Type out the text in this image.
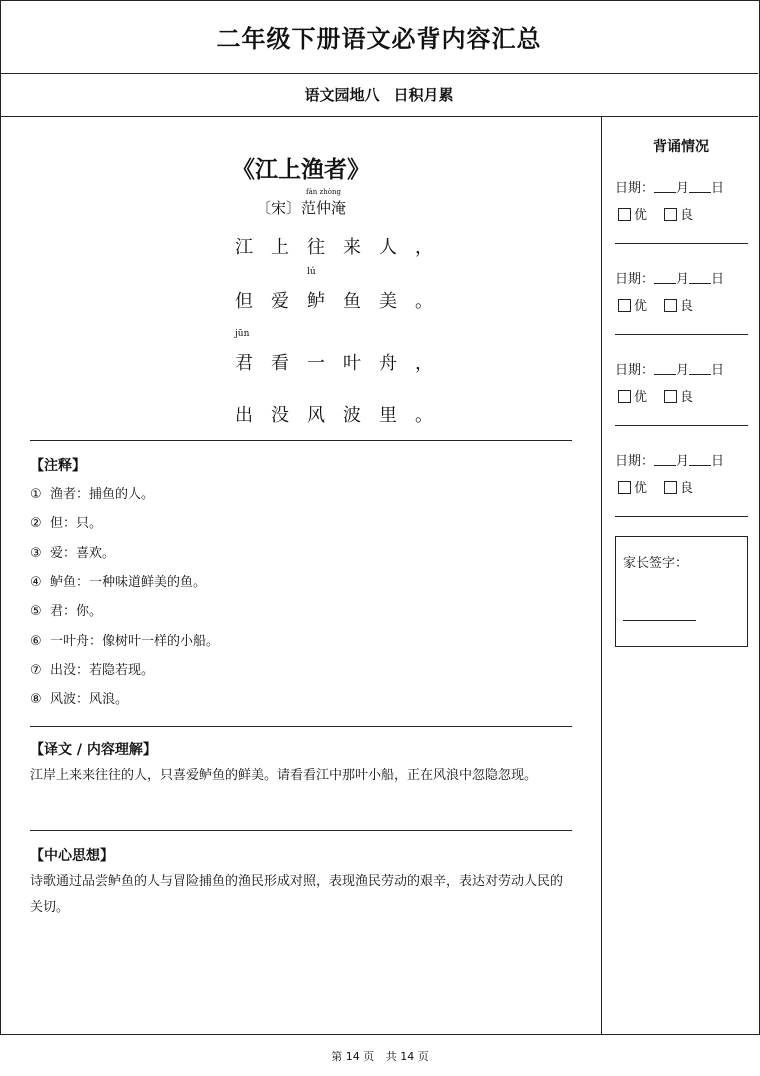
二年级下册语文必背内容汇总
语文园地八 日积月累
《江上渔者》
〔宋〕
fàn zhòng
范仲淹
江上往来人，
但爱鲈
lú
鱼美。
君
jūn
看一叶舟，
出没风波里。
【注释】
① 渔者：捕鱼的人。
② 但：只。
③ 爱：喜欢。
④ 鲈鱼：一种味道鲜美的鱼。
⑤ 君：你。
⑥ 一叶舟：像树叶一样的小船。
⑦ 出没：若隐若现。
⑧ 风波：风浪。
【译文 / 内容理解】
江岸上来来往往的人，只喜爱鲈鱼的鲜美。请看看江中那叶小船，正在风浪中忽隐忽现。
【中心思想】
诗歌通过品尝鲈鱼的人与冒险捕鱼的渔民形成对照，表现渔民劳动的艰辛，表达对劳动人民的关切。
背诵情况
日期： 月 日
优	良
日期： 月 日
优	良
日期： 月 日
优	良
日期： 月 日
优	良
家长签字：
第 14 页 共 14 页
